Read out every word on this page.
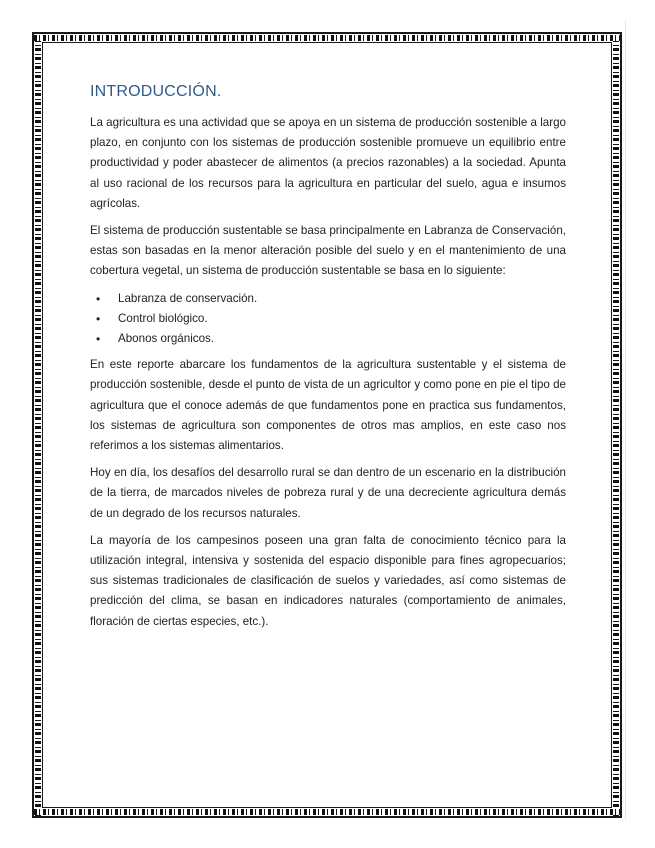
INTRODUCCIÓN.

La agricultura es una actividad que se apoya en un sistema de producción sostenible a largo plazo, en conjunto con los sistemas de producción sostenible promueve un equilibrio entre productividad y poder abastecer de alimentos (a precios razonables) a la sociedad. Apunta al uso racional de los recursos para la agricultura en particular del suelo, agua e insumos agrícolas.

El sistema de producción sustentable se basa principalmente en Labranza de Conservación, estas son basadas en la menor alteración posible del suelo y en el mantenimiento de una cobertura vegetal, un sistema de producción sustentable se basa en lo siguiente:

• Labranza de conservación.
• Control biológico.
• Abonos orgánicos.

En este reporte abarcare los fundamentos de la agricultura sustentable y el sistema de producción sostenible, desde el punto de vista de un agricultor y como pone en pie el tipo de agricultura que el conoce además de que fundamentos pone en practica sus fundamentos, los sistemas de agricultura son componentes de otros mas amplios, en este caso nos referimos a los sistemas alimentarios.

Hoy en día, los desafíos del desarrollo rural se dan dentro de un escenario en la distribución de la tierra, de marcados niveles de pobreza rural y de una decreciente agricultura demás de un degrado de los recursos naturales.

La mayoría de los campesinos poseen una gran falta de conocimiento técnico para la utilización integral, intensiva y sostenida del espacio disponible para fines agropecuarios; sus sistemas tradicionales de clasificación de suelos y variedades, así como sistemas de predicción del clima, se basan en indicadores naturales (comportamiento de animales, floración de ciertas especies, etc.).
